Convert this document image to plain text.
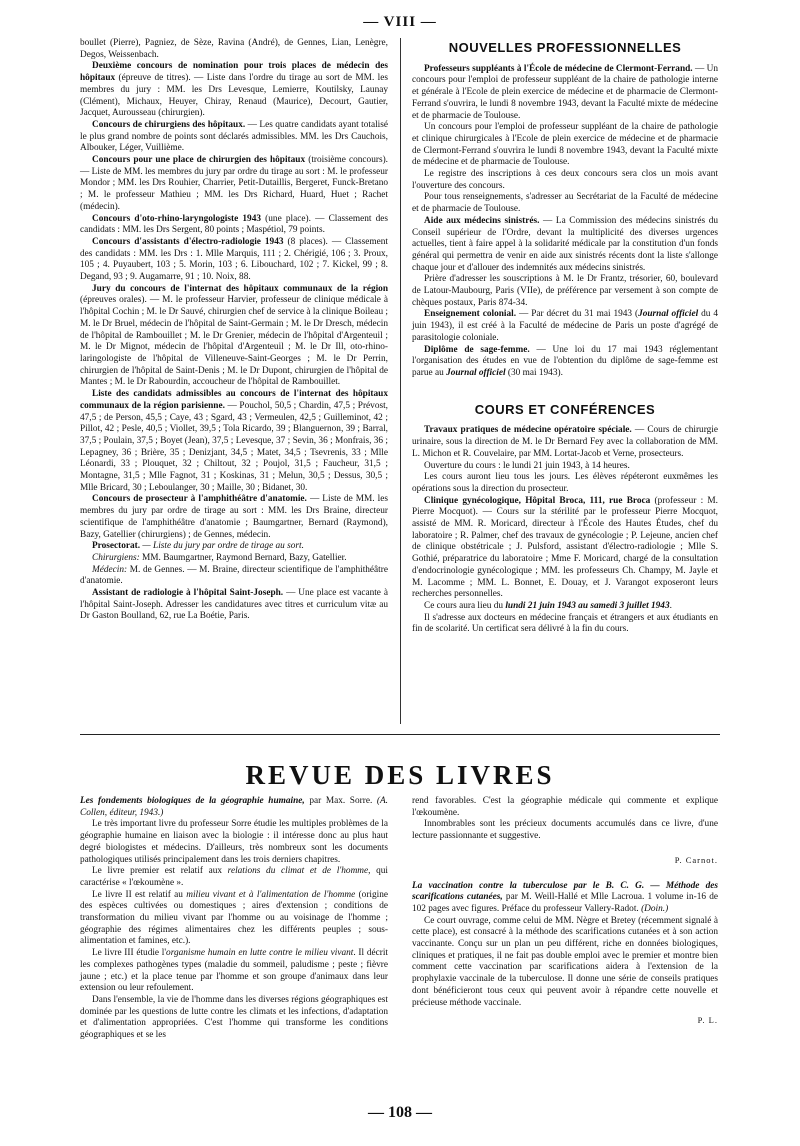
— VIII —

boullet (Pierre), Pagniez, de Sèze, Ravina (André), de Gennes, Lian, Lenègre, Degos, Weissenbach.

Deuxième concours de nomination pour trois places de médecin des hôpitaux (épreuve de titres). — Liste dans l'ordre du tirage au sort de MM. les membres du jury : MM. les Drs Levesque, Lemierre, Koutilsky, Launay (Clément), Michaux, Heuyer, Chiray, Renaud (Maurice), Decourt, Gautier, Jacquet, Aurousseau (chirurgien).

Concours de chirurgiens des hôpitaux. — Les quatre candidats ayant totalisé le plus grand nombre de points sont déclarés admissibles. MM. les Drs Cauchois, Albouker, Léger, Vuillième.

Concours pour une place de chirurgien des hôpitaux (troisième concours). — Liste de MM. les membres du jury par ordre du tirage au sort : M. le professeur Mondor ; MM. les Drs Rouhier, Charrier, Petit-Dutaillis, Bergeret, Funck-Bretano ; M. le professeur Mathieu ; MM. les Drs Richard, Huard, Huet ; Rachet (médecin).

Concours d'oto-rhino-laryngologiste 1943 (une place). — Classement des candidats : MM. les Drs Sergent, 80 points ; Maspétiol, 79 points.

Concours d'assistants d'électro-radiologie 1943 (8 places). — Classement des candidats : MM. les Drs : 1. Mlle Marquis, 111 ; 2. Chérigié, 106 ; 3. Proux, 105 ; 4. Puyaubert, 103 ; 5. Morin, 103 ; 6. Libouchard, 102 ; 7. Kickel, 99 ; 8. Degand, 93 ; 9. Augamarre, 91 ; 10. Noix, 88.

Jury du concours de l'internat des hôpitaux communaux de la région (épreuves orales). — M. le professeur Harvier, professeur de clinique médicale à l'hôpital Cochin ; M. le Dr Sauvé, chirurgien chef de service à la clinique Boileau ; M. le Dr Bruel, médecin de l'hôpital de Saint-Germain ; M. le Dr Dresch, médecin de l'hôpital de Rambouillet ; M. le Dr Grenier, médecin de l'hôpital d'Argenteuil ; M. le Dr Mignot, médecin de l'hôpital d'Argenteuil ; M. le Dr Ill, oto-rhino-laringologiste de l'hôpital de Villeneuve-Saint-Georges ; M. le Dr Perrin, chirurgien de l'hôpital de Saint-Denis ; M. le Dr Dupont, chirurgien de l'hôpital de Mantes ; M. le Dr Rabourdin, accoucheur de l'hôpital de Rambouillet.

Liste des candidats admissibles au concours de l'internat des hôpitaux communaux de la région parisienne. — Pouchol, 50,5 ; Chardin, 47,5 ; Prévost, 47,5 ; de Person, 45,5 ; Caye, 43 ; Sgard, 43 ; Vermeulen, 42,5 ; Guilleminot, 42 ; Pillot, 42 ; Pesle, 40,5 ; Viollet, 39,5 ; Tola Ricardo, 39 ; Blanguernon, 39 ; Barral, 37,5 ; Poulain, 37,5 ; Boyet (Jean), 37,5 ; Levesque, 37 ; Sevin, 36 ; Monfrais, 36 ; Lepagney, 36 ; Brière, 35 ; Denizjant, 34,5 ; Matet, 34,5 ; Tsevrenis, 33 ; Mlle Léonardi, 33 ; Plouquet, 32 ; Chiltout, 32 ; Poujol, 31,5 ; Faucheur, 31,5 ; Montagne, 31,5 ; Mlle Fagnot, 31 ; Koskinas, 31 ; Melun, 30,5 ; Dessus, 30,5 ; Mlle Bricard, 30 ; Leboulanger, 30 ; Maille, 30 ; Bidanet, 30.

Concours de prosecteur à l'amphithéâtre d'anatomie. — Liste de MM. les membres du jury par ordre de tirage au sort : MM. les Drs Braine, directeur scientifique de l'amphithéâtre d'anatomie ; Baumgartner, Bernard (Raymond), Bazy, Gatellier (chirurgiens) ; de Gennes, médecin.

Prosectorat. — Liste du jury par ordre de tirage au sort.

Chirurgiens: MM. Baumgartner, Raymond Bernard, Bazy, Gatellier.

Médecin: M. de Gennes. — M. Braine, directeur scientifique de l'amphithéâtre d'anatomie.

Assistant de radiologie à l'hôpital Saint-Joseph. — Une place est vacante à l'hôpital Saint-Joseph. Adresser les candidatures avec titres et curriculum vitæ au Dr Gaston Boulland, 62, rue La Boétie, Paris.

NOUVELLES PROFESSIONNELLES

Professeurs suppléants à l'École de médecine de Clermont-Ferrand. — Un concours pour l'emploi de professeur suppléant de la chaire de pathologie interne et générale à l'Ecole de plein exercice de médecine et de pharmacie de Clermont-Ferrand s'ouvrira, le lundi 8 novembre 1943, devant la Faculté mixte de médecine et de pharmacie de Toulouse.

Un concours pour l'emploi de professeur suppléant de la chaire de pathologie et clinique chirurgicales à l'Ecole de plein exercice de médecine et de pharmacie de Clermont-Ferrand s'ouvrira le lundi 8 novembre 1943, devant la Faculté mixte de médecine et de pharmacie de Toulouse.

Le registre des inscriptions à ces deux concours sera clos un mois avant l'ouverture des concours.

Pour tous renseignements, s'adresser au Secrétariat de la Faculté de médecine et de pharmacie de Toulouse.

Aide aux médecins sinistrés. — La Commission des médecins sinistrés du Conseil supérieur de l'Ordre, devant la multiplicité des diverses urgences actuelles, tient à faire appel à la solidarité médicale par la constitution d'un fonds général qui permettra de venir en aide aux sinistrés récents dont la liste s'allonge chaque jour et d'allouer des indemnités aux médecins sinistrés.

Prière d'adresser les souscriptions à M. le Dr Frantz, trésorier, 60, boulevard de Latour-Maubourg, Paris (VIIe), de préférence par versement à son compte de chèques postaux, Paris 874-34.

Enseignement colonial. — Par décret du 31 mai 1943 (Journal officiel du 4 juin 1943), il est créé à la Faculté de médecine de Paris un poste d'agrégé de parasitologie coloniale.

Diplôme de sage-femme. — Une loi du 17 mai 1943 réglementant l'organisation des études en vue de l'obtention du diplôme de sage-femme est parue au Journal officiel (30 mai 1943).

COURS ET CONFÉRENCES

Travaux pratiques de médecine opératoire spéciale. — Cours de chirurgie urinaire, sous la direction de M. le Dr Bernard Fey avec la collaboration de MM. L. Michon et R. Couvelaire, par MM. Lortat-Jacob et Verne, prosecteurs.

Ouverture du cours : le lundi 21 juin 1943, à 14 heures.

Les cours auront lieu tous les jours. Les élèves répéteront euxmêmes les opérations sous la direction du prosecteur.

Clinique gynécologique, Hôpital Broca, 111, rue Broca (professeur : M. Pierre Mocquot). — Cours sur la stérilité par le professeur Pierre Mocquot, assisté de MM. R. Moricard, directeur à l'École des Hautes Études, chef du laboratoire ; R. Palmer, chef des travaux de gynécologie ; P. Lejeune, ancien chef de clinique obstétricale ; J. Pulsford, assistant d'électro-radiologie ; Mlle S. Gothié, préparatrice du laboratoire ; Mme F. Moricard, chargé de la consultation d'endocrinologie gynécologique ; MM. les professeurs Ch. Champy, M. Jayle et M. Lacomme ; MM. L. Bonnet, E. Douay, et J. Varangot exposeront leurs recherches personnelles.

Ce cours aura lieu du lundi 21 juin 1943 au samedi 3 juillet 1943.

Il s'adresse aux docteurs en médecine français et étrangers et aux étudiants en fin de scolarité. Un certificat sera délivré à la fin du cours.

REVUE DES LIVRES

Les fondements biologiques de la géographie humaine, par Max. Sorre. (A. Collen, éditeur, 1943.)

Le très important livre du professeur Sorre étudie les multiples problèmes de la géographie humaine en liaison avec la biologie : il intéresse donc au plus haut degré biologistes et médecins. D'ailleurs, très nombreux sont les documents pathologiques utilisés principalement dans les trois derniers chapitres.

Le livre premier est relatif aux relations du climat et de l'homme, qui caractérise « l'œkoumène ».

Le livre II est relatif au milieu vivant et à l'alimentation de l'homme (origine des espèces cultivées ou domestiques ; aires d'extension ; conditions de transformation du milieu vivant par l'homme ou au voisinage de l'homme ; géographie des régimes alimentaires chez les différents peuples ; sous-alimentation et famines, etc.).

Le livre III étudie l'organisme humain en lutte contre le milieu vivant. Il décrit les complexes pathogènes types (maladie du sommeil, paludisme ; peste ; fièvre jaune ; etc.) et la place tenue par l'homme et son groupe d'animaux dans leur extension ou leur refoulement.

Dans l'ensemble, la vie de l'homme dans les diverses régions géographiques est dominée par les questions de lutte contre les climats et les infections, d'adaptation et d'alimentation appropriées. C'est l'homme qui transforme les conditions géographiques et se les

rend favorables. C'est la géographie médicale qui commente et explique l'œkoumène.

Innombrables sont les précieux documents accumulés dans ce livre, d'une lecture passionnante et suggestive.

P. Carnot.

La vaccination contre la tuberculose par le B. C. G. — Méthode des scarifications cutanées, par M. Weill-Hallé et Mlle Lacroua. 1 volume in-16 de 102 pages avec figures. Préface du professeur Vallery-Radot. (Doin.)

Ce court ouvrage, comme celui de MM. Nègre et Bretey (récemment signalé à cette place), est consacré à la méthode des scarifications cutanées et à son action vaccinante. Conçu sur un plan un peu différent, riche en données biologiques, cliniques et pratiques, il ne fait pas double emploi avec le premier et montre bien comment cette vaccination par scarifications aidera à l'extension de la prophylaxie vaccinale de la tuberculose. Il donne une série de conseils pratiques dont bénéficieront tous ceux qui peuvent avoir à répandre cette nouvelle et précieuse méthode vaccinale.

P. L.

— 108 —
